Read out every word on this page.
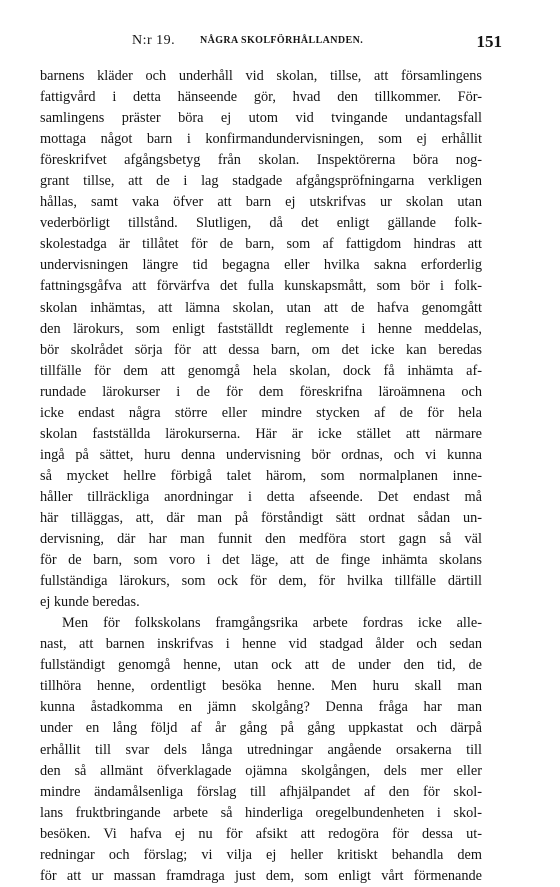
N:r 19. NÅGRA SKOLFÖRHÅLLANDEN.	151
barnens kläder och underhåll vid skolan, tillse, att församlingens
fattigvård i detta hänseende gör, hvad den tillkommer. För-
samlingens präster böra ej utom vid tvingande undantagsfall
mottaga något barn i konfirmandundervisningen, som ej erhållit
föreskrifvet afgångsbetyg från skolan. Inspektörerna böra nog-
grant tillse, att de i lag stadgade afgångspröfningarna verkligen
hållas, samt vaka öfver att barn ej utskrifvas ur skolan utan
vederbörligt tillstånd. Slutligen, då det enligt gällande folk-
skolestadga är tillåtet för de barn, som af fattigdom hindras att
undervisningen längre tid begagna eller hvilka sakna erforderlig
fattningsgåfva att förvärfva det fulla kunskapsmått, som bör i folk-
skolan inhämtas, att lämna skolan, utan att de hafva genomgått
den lärokurs, som enligt fastställdt reglemente i henne meddelas,
bör skolrådet sörja för att dessa barn, om det icke kan beredas
tillfälle för dem att genomgå hela skolan, dock få inhämta af-
rundade lärokurser i de för dem föreskrifna läroämnena och
icke endast några större eller mindre stycken af de för hela
skolan fastställda lärokurserna. Här är icke stället att närmare
ingå på sättet, huru denna undervisning bör ordnas, och vi kunna
så mycket hellre förbigå talet härom, som normalplanen inne-
håller tillräckliga anordningar i detta afseende. Det endast må
här tilläggas, att, där man på förståndigt sätt ordnat sådan un-
dervisning, där har man funnit den medföra stort gagn så väl
för de barn, som voro i det läge, att de finge inhämta skolans
fullständiga lärokurs, som ock för dem, för hvilka tillfälle därtill
ej kunde beredas.
Men för folkskolans framgångsrika arbete fordras icke alle-
nast, att barnen inskrifvas i henne vid stadgad ålder och sedan
fullständigt genomgå henne, utan ock att de under den tid, de
tillhöra henne, ordentligt besöka henne. Men huru skall man
kunna åstadkomma en jämn skolgång? Denna fråga har man
under en lång följd af år gång på gång uppkastat och därpå
erhållit till svar dels långa utredningar angående orsakerna till
den så allmänt öfverklagade ojämna skolgången, dels mer eller
mindre ändamålsenliga förslag till afhjälpandet af den för skol-
lans fruktbringande arbete så hinderliga oregelbundenheten i skol-
besöken. Vi hafva ej nu för afsikt att redogöra för dessa ut-
redningar och förslag; vi vilja ej heller kritiskt behandla dem
för att ur massan framdraga just dem, som enligt vårt förmenande
